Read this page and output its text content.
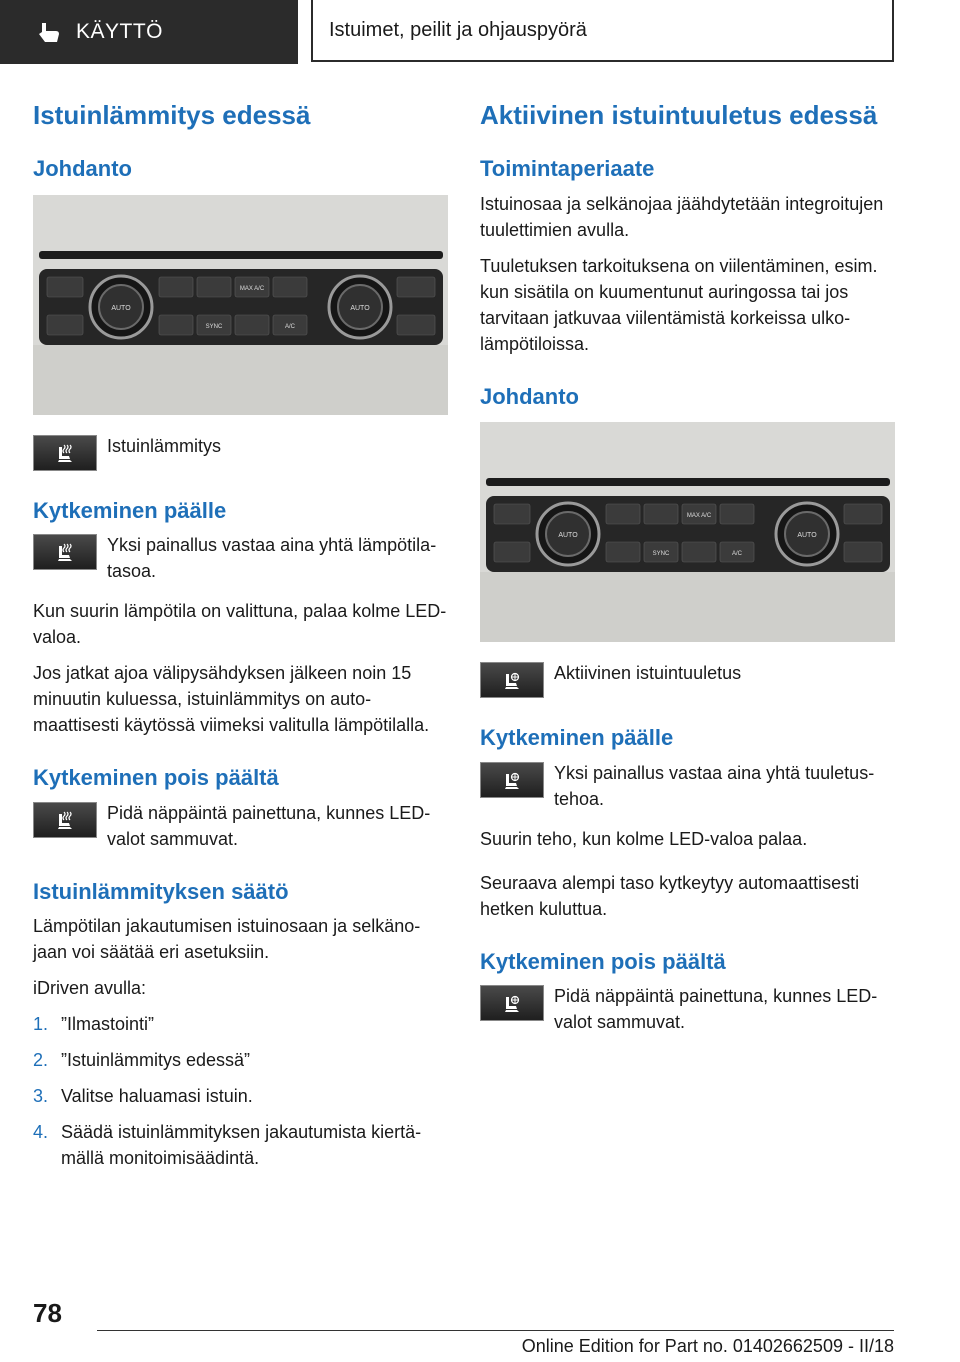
KÄYTTÖ	Istuimet, peilit ja ohjauspyörä
Istuinlämmitys edessä
Johdanto
AUTO	AUTO
MAX A/C
SYNC	A/C
Istuinlämmitys
Kytkeminen päälle
Yksi painallus vastaa aina yhtä lämpötilatasoa.

Kun suurin lämpötila on valittuna, palaa kolme LED-valoa.

Jos jatkat ajoa välipysähdyksen jälkeen noin 15 minuutin kuluessa, istuinlämmitys on automaattisesti käytössä viimeksi valitulla lämpötilalla.

Kytkeminen pois päältä
Pidä näppäintä painettuna, kunnes LED-valot sammuvat.
Istuinlämmityksen säätö

Lämpötilan jakautumisen istuinosaan ja selkänojaan voi säätää eri asetuksiin.

iDriven avulla:

1. ”Ilmastointi”
2. ”Istuinlämmitys edessä”
3. Valitse haluamasi istuin.
4. Säädä istuinlämmityksen jakautumista kiertämällä monitoimisäädintä.
Aktiivinen istuintuuletus edessä
Toimintaperiaate

Istuinosaa ja selkänojaa jäähdytetään integroitujen tuulettimien avulla.

Tuuletuksen tarkoituksena on viilentäminen, esim. kun sisätila on kuumentunut auringossa tai jos tarvitaan jatkuvaa viilentämistä korkeissa ulkolämpötiloissa.

Johdanto
AUTO	AUTO
MAX A/C
SYNC	A/C
Aktiivinen istuintuuletus
Kytkeminen päälle
Yksi painallus vastaa aina yhtä tuuletustehoa.

Suurin teho, kun kolme LED-valoa palaa.

Seuraava alempi taso kytkeytyy automaattisesti hetken kuluttua.

Kytkeminen pois päältä
Pidä näppäintä painettuna, kunnes LED-valot sammuvat.
78
Online Edition for Part no. 01402662509 - II/18
